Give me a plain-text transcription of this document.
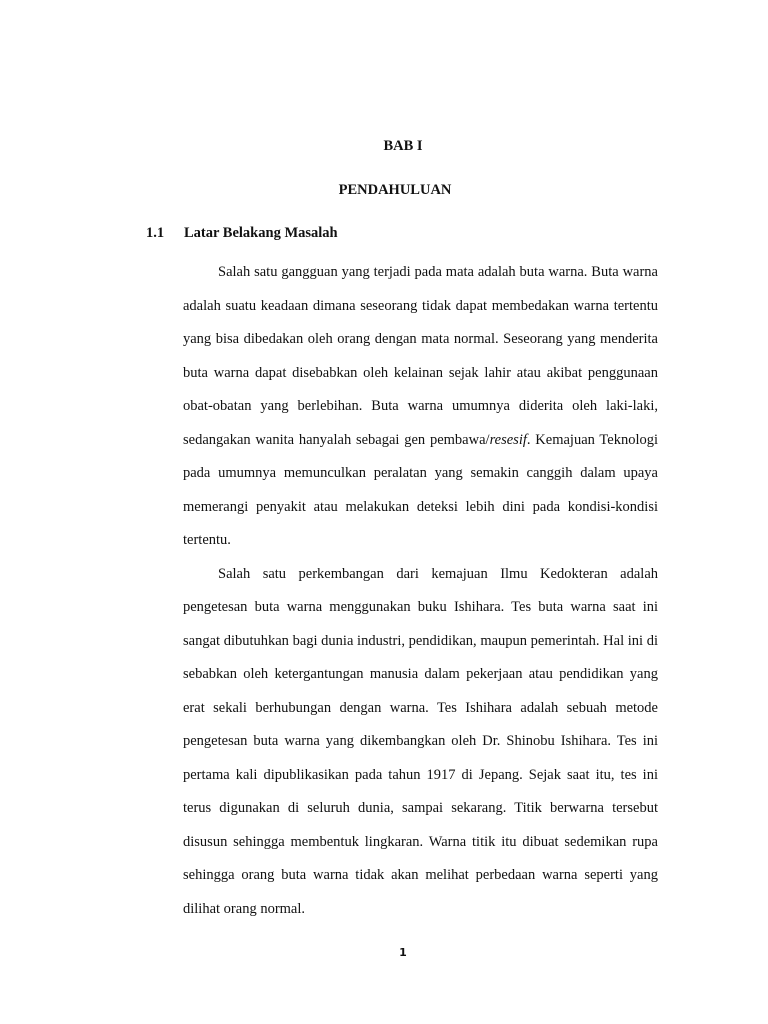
BAB I
PENDAHULUAN
1.1 Latar Belakang Masalah

Salah satu gangguan yang terjadi pada mata adalah buta warna. Buta warna adalah suatu keadaan dimana seseorang tidak dapat membedakan warna tertentu yang bisa dibedakan oleh orang dengan mata normal. Seseorang yang menderita buta warna dapat disebabkan oleh kelainan sejak lahir atau akibat penggunaan obat-obatan yang berlebihan. Buta warna umumnya diderita oleh laki-laki, sedangakan wanita hanyalah sebagai gen pembawa/resesif. Kemajuan Teknologi pada umumnya memunculkan peralatan yang semakin canggih dalam upaya memerangi penyakit atau melakukan deteksi lebih dini pada kondisi-kondisi tertentu.

Salah satu perkembangan dari kemajuan Ilmu Kedokteran adalah pengetesan buta warna menggunakan buku Ishihara. Tes buta warna saat ini sangat dibutuhkan bagi dunia industri, pendidikan, maupun pemerintah. Hal ini di sebabkan oleh ketergantungan manusia dalam pekerjaan atau pendidikan yang erat sekali berhubungan dengan warna. Tes Ishihara adalah sebuah metode pengetesan buta warna yang dikembangkan oleh Dr. Shinobu Ishihara. Tes ini pertama kali dipublikasikan pada tahun 1917 di Jepang. Sejak saat itu, tes ini terus digunakan di seluruh dunia, sampai sekarang. Titik berwarna tersebut disusun sehingga membentuk lingkaran. Warna titik itu dibuat sedemikan rupa sehingga orang buta warna tidak akan melihat perbedaan warna seperti yang dilihat orang normal.

1
